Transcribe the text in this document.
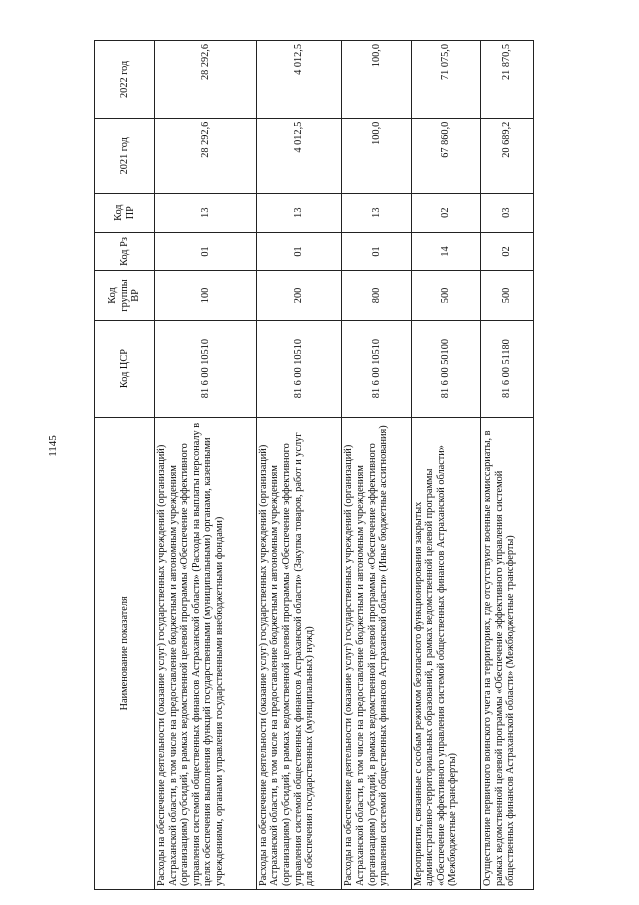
1145
Наименование показателя	Код ЦСР	Код группы ВР	Код Рз	Код ПР	2021 год	2022 год
Расходы на обеспечение деятельности (оказание услуг) государственных учреждений (организаций) Астраханской области, в том числе на предоставление бюджетным и автономным учреждениям (организациям) субсидий, в рамках ведомственной целевой программы «Обеспечение эффективного управления системой общественных финансов Астраханской области» (Расходы на выплаты персоналу в целях обеспечения выполнения функций государственными (муниципальными) органами, казенными учреждениями, органами управления государственными внебюджетными фондами)	81 6 00 10510	100	01	13	28 292,6	28 292,6
Расходы на обеспечение деятельности (оказание услуг) государственных учреждений (организаций) Астраханской области, в том числе на предоставление бюджетным и автономным учреждениям (организациям) субсидий, в рамках ведомственной целевой программы «Обеспечение эффективного управления системой общественных финансов Астраханской области» (Закупка товаров, работ и услуг для обеспечения государственных (муниципальных) нужд)	81 6 00 10510	200	01	13	4 012,5	4 012,5
Расходы на обеспечение деятельности (оказание услуг) государственных учреждений (организаций) Астраханской области, в том числе на предоставление бюджетным и автономным учреждениям (организациям) субсидий, в рамках ведомственной целевой программы «Обеспечение эффективного управления системой общественных финансов Астраханской области» (Иные бюджетные ассигнования)	81 6 00 10510	800	01	13	100,0	100,0
Мероприятия, связанные с особым режимом безопасного функционирования закрытых административно-территориальных образований, в рамках ведомственной целевой программы «Обеспечение эффективного управления системой общественных финансов Астраханской области» (Межбюджетные трансферты)	81 6 00 50100	500	14	02	67 860,0	71 075,0
Осуществление первичного воинского учета на территориях, где отсутствуют военные комиссариаты, в рамках ведомственной целевой программы «Обеспечение эффективного управления системой общественных финансов Астраханской области» (Межбюджетные трансферты)	81 6 00 51180	500	02	03	20 689,2	21 870,5
